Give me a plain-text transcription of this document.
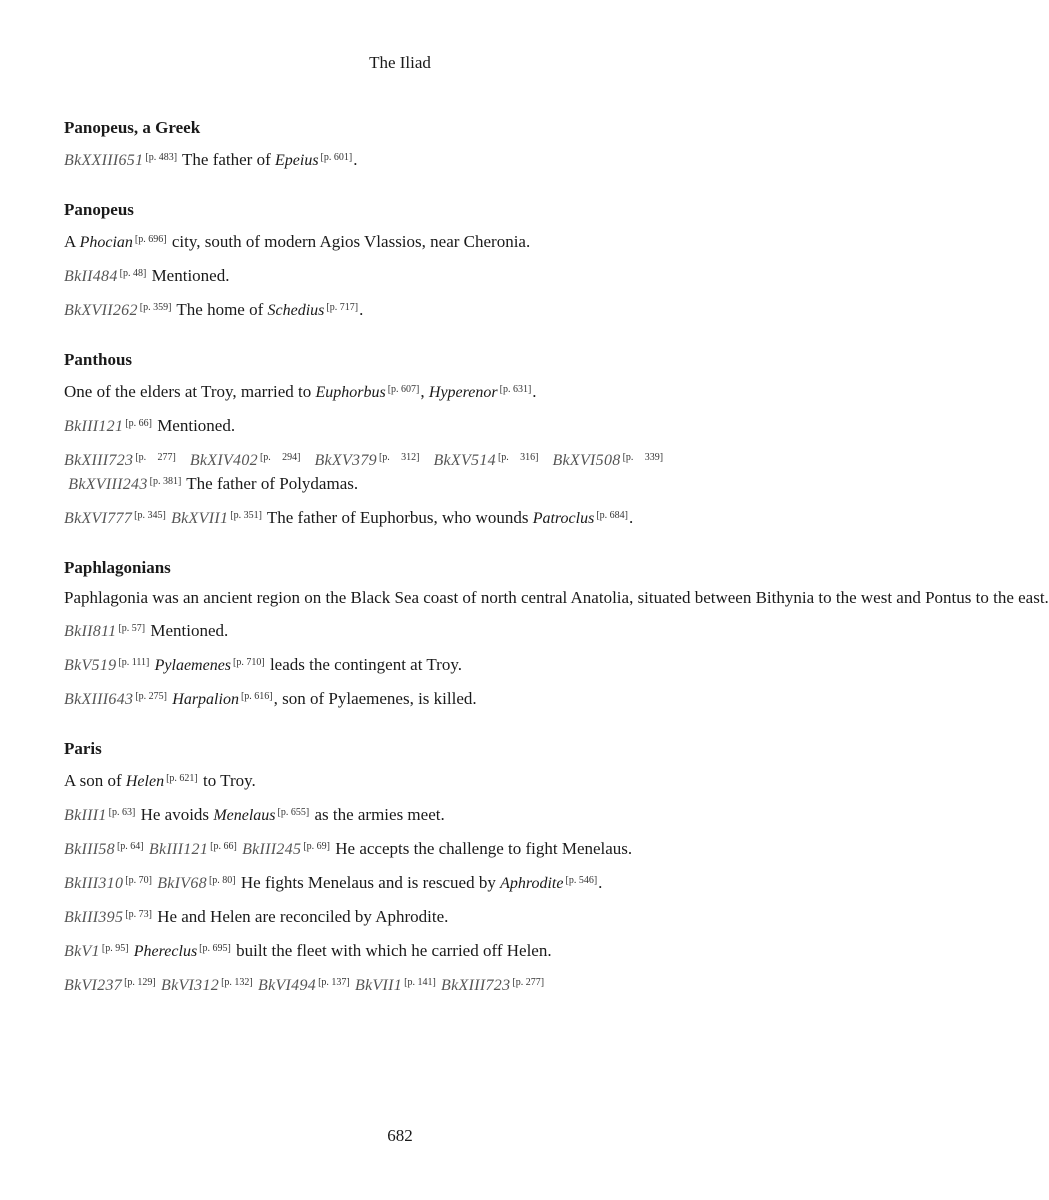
The Iliad
Panopeus, a Greek
BkXXIII651 [p. 483] The father of Epeius [p. 601].
Panopeus
A Phocian [p. 696] city, south of modern Agios Vlassios, near Cheronia.
BkII484 [p. 48] Mentioned.
BkXVII262 [p. 359] The home of Schedius [p. 717].
Panthous
One of the elders at Troy, married to Euphorbus [p. 607], Hyperenor [p. 631].
BkIII121 [p. 66] Mentioned.
BkXIII723 [p. 277] BkXIV402 [p. 294] BkXV379 [p. 312] BkXV514 [p. 316] BkXVI508 [p. 339] BkXVIII243 [p. 381] The father of Polydamas.
BkXVI777 [p. 345] BkXVII1 [p. 351] The father of Euphorbus, who wounds Patroclus [p. 684].
Paphlagonians
Paphlagonia was an ancient region on the Black Sea coast of north central Anatolia, situated between Bithynia to the west and Pontus to the east.
BkII811 [p. 57] Mentioned.
BkV519 [p. 111] Pylaemenes [p. 710] leads the contingent at Troy.
BkXIII643 [p. 275] Harpalion [p. 616], son of Pylaemenes, is killed.
Paris
A son of Helen [p. 621] to Troy.
BkIII1 [p. 63] He avoids Menelaus [p. 655] as the armies meet.
BkIII58 [p. 64] BkIII121 [p. 66] BkIII245 [p. 69] He accepts the challenge to fight Menelaus.
BkIII310 [p. 70] BkIV68 [p. 80] He fights Menelaus and is rescued by Aphrodite [p. 546].
BkIII395 [p. 73] He and Helen are reconciled by Aphrodite.
BkV1 [p. 95] Phereclus [p. 695] built the fleet with which he carried off Helen.
BkVI237 [p. 129] BkVI312 [p. 132] BkVI494 [p. 137] BkVII1 [p. 141] BkXIII723 [p. 277]
682
